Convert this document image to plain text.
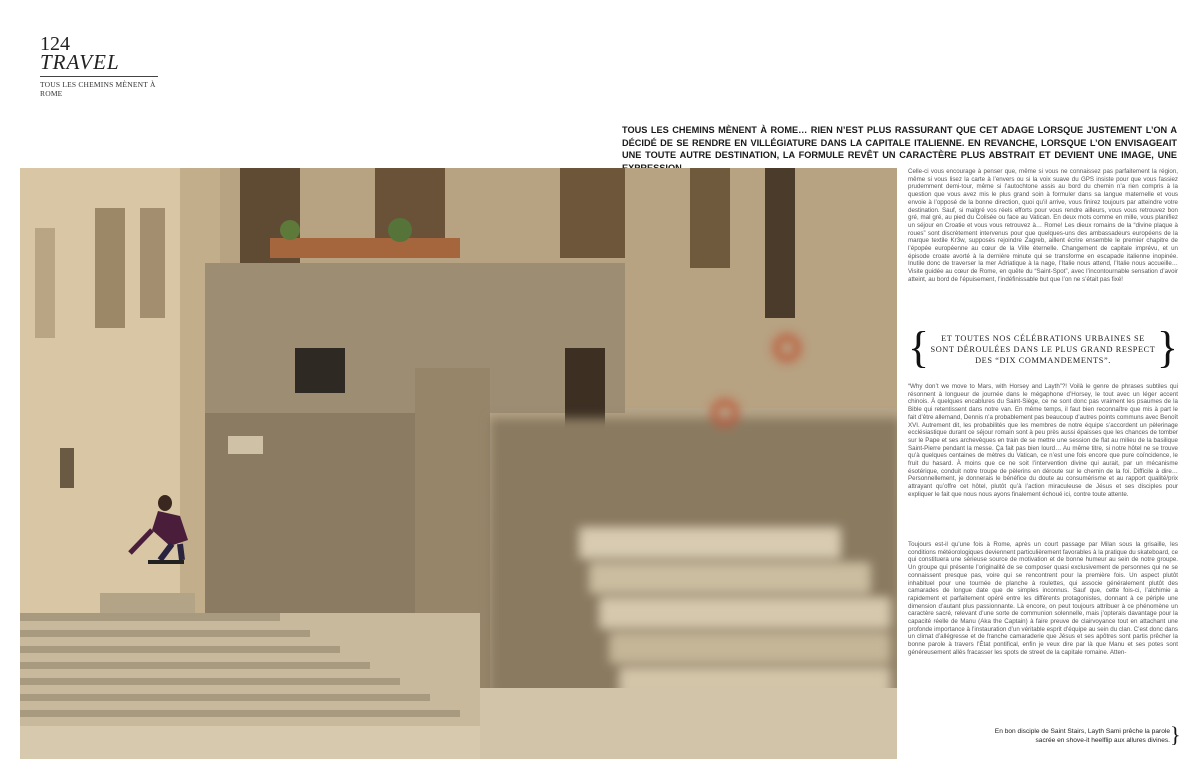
124
TRAVEL
TOUS LES CHEMINS MÈNENT À ROME
TOUS LES CHEMINS MÈNENT À ROME… RIEN N’EST PLUS RASSURANT QUE CET ADAGE LORSQUE JUSTEMENT L’ON A DÉCIDÉ DE SE RENDRE EN VILLÉGIATURE DANS LA CAPITALE ITALIENNE. EN REVANCHE, LORSQUE L’ON ENVISAGEAIT UNE TOUTE AUTRE DESTINATION, LA FORMULE REVÊT UN CARACTÈRE PLUS ABSTRAIT ET DEVIENT UNE IMAGE, UNE
Celle-ci vous encourage à penser que, même si vous ne connaissez pas parfaitement la région, même si vous lisez la carte à l’envers ou si la voix suave du GPS insiste pour que vous fassiez prudemment demi-tour, même si l’autochtone assis au bord du chemin n’a rien compris à la question que vous avez mis le plus grand soin à formuler dans sa langue maternelle et vous envoie à l’opposé de la bonne direction, quoi qu’il arrive, vous finirez toujours par atteindre votre destination. Sauf, si malgré vos réels efforts pour vous rendre ailleurs, vous vous retrouvez bon gré, mal gré, au pied du Colisée ou face au Vatican. En deux mots comme en mille, vous planifiez un séjour en Croatie et vous vous retrouvez à… Rome! Les dieux romains de la “divine plaque à roues” sont discrètement intervenus pour que quelques-uns des ambassadeurs européens de la marque textile Kr3w, supposés rejoindre Zagreb, aillent écrire ensemble le premier chapitre de l’épopée européenne au cœur de la Ville éternelle. Changement de capitale imprévu, et un épisode croate avorté à la dernière minute qui se transforme en escapade italienne inopinée. Inutile donc de traverser la mer Adriatique à la nage, l’Italie nous attend, l’Italie nous accueille… Visite guidée au cœur de Rome, en quête du “Saint-Spot”, avec l’incontournable sensation d’avoir atteint, au bord de l’épuisement, l’indéfinissable but que l’on ne s’était pas fixé!
{	ET TOUTES NOS CÉLÉBRATIONS URBAINES SE SONT DÉROULÉES DANS LE PLUS GRAND RESPECT DES “DIX COMMANDEMENTS”.	}
“Why don’t we move to Mars, with Horsey and Layth”?! Voilà le genre de phrases subtiles qui résonnent à longueur de journée dans le mégaphone d’Horsey, le tout avec un léger accent chinois. À quelques encablures du Saint-Siège, ce ne sont donc pas vraiment les psaumes de la Bible qui retentissent dans notre van. En même temps, il faut bien reconnaître que mis à part le fait d’être allemand, Dennis n’a probablement pas beaucoup d’autres points communs avec Benoît XVI. Autrement dit, les probabilités que les membres de notre équipe s’accordent un pèlerinage ecclésiastique durant ce séjour romain sont à peu près aussi épaisses que les chances de tomber sur le Pape et ses archevêques en train de se mettre une session de flat au milieu de la basilique Saint-Pierre pendant la messe. Ça fait pas bien lourd… Au même titre, si notre hôtel ne se trouve qu’à quelques centaines de mètres du Vatican, ce n’est une fois encore que pure coïncidence, le fruit du hasard. À moins que ce ne soit l’intervention divine qui aurait, par un mécanisme ésotérique, conduit notre troupe de pèlerins en déroute sur le chemin de la foi. Difficile à dire… Personnellement, je donnerais le bénéfice du doute au consumérisme et au rapport qualité/prix attrayant qu’offre cet hôtel, plutôt qu’à l’action miraculeuse de Jésus et ses disciples pour expliquer le fait que nous nous ayons finalement échoué ici, contre toute attente.
Toujours est-il qu’une fois à Rome, après un court passage par Milan sous la grisaille, les conditions météorologiques deviennent particulièrement favorables à la pratique du skateboard, ce qui constituera une sérieuse source de motivation et de bonne humeur au sein de notre groupe. Un groupe qui présente l’originalité de se composer quasi exclusivement de personnes qui ne se connaissent presque pas, voire qui se rencontrent pour la première fois. Un aspect plutôt inhabituel pour une tournée de planche à roulettes, qui associe généralement plutôt des camarades de longue date que de simples inconnus. Sauf que, cette fois-ci, l’alchimie a rapidement et parfaitement opéré entre les différents protagonistes, donnant à ce périple une dimension d’autant plus passionnante. Là encore, on peut toujours attribuer à ce phénomène un caractère sacré, relevant d’une sorte de communion solennelle, mais j’opterais davantage pour la capacité réelle de Manu (Aka the Captain) à faire preuve de clairvoyance tout en attachant une profonde importance à l’instauration d’un véritable esprit d’équipe au sein du clan. C’est donc dans un climat d’allégresse et de franche camaraderie que Jésus et ses apôtres sont partis prêcher la bonne parole à travers l’État pontifical, enfin je veux dire par là que Manu et ses potes sont généreusement allés fracasser les spots de street de la capitale romaine. Atten-
En bon disciple de Saint Stairs, Layth Sami prêche la parole
sacrée en shove-it heelflip aux allures divines. }
